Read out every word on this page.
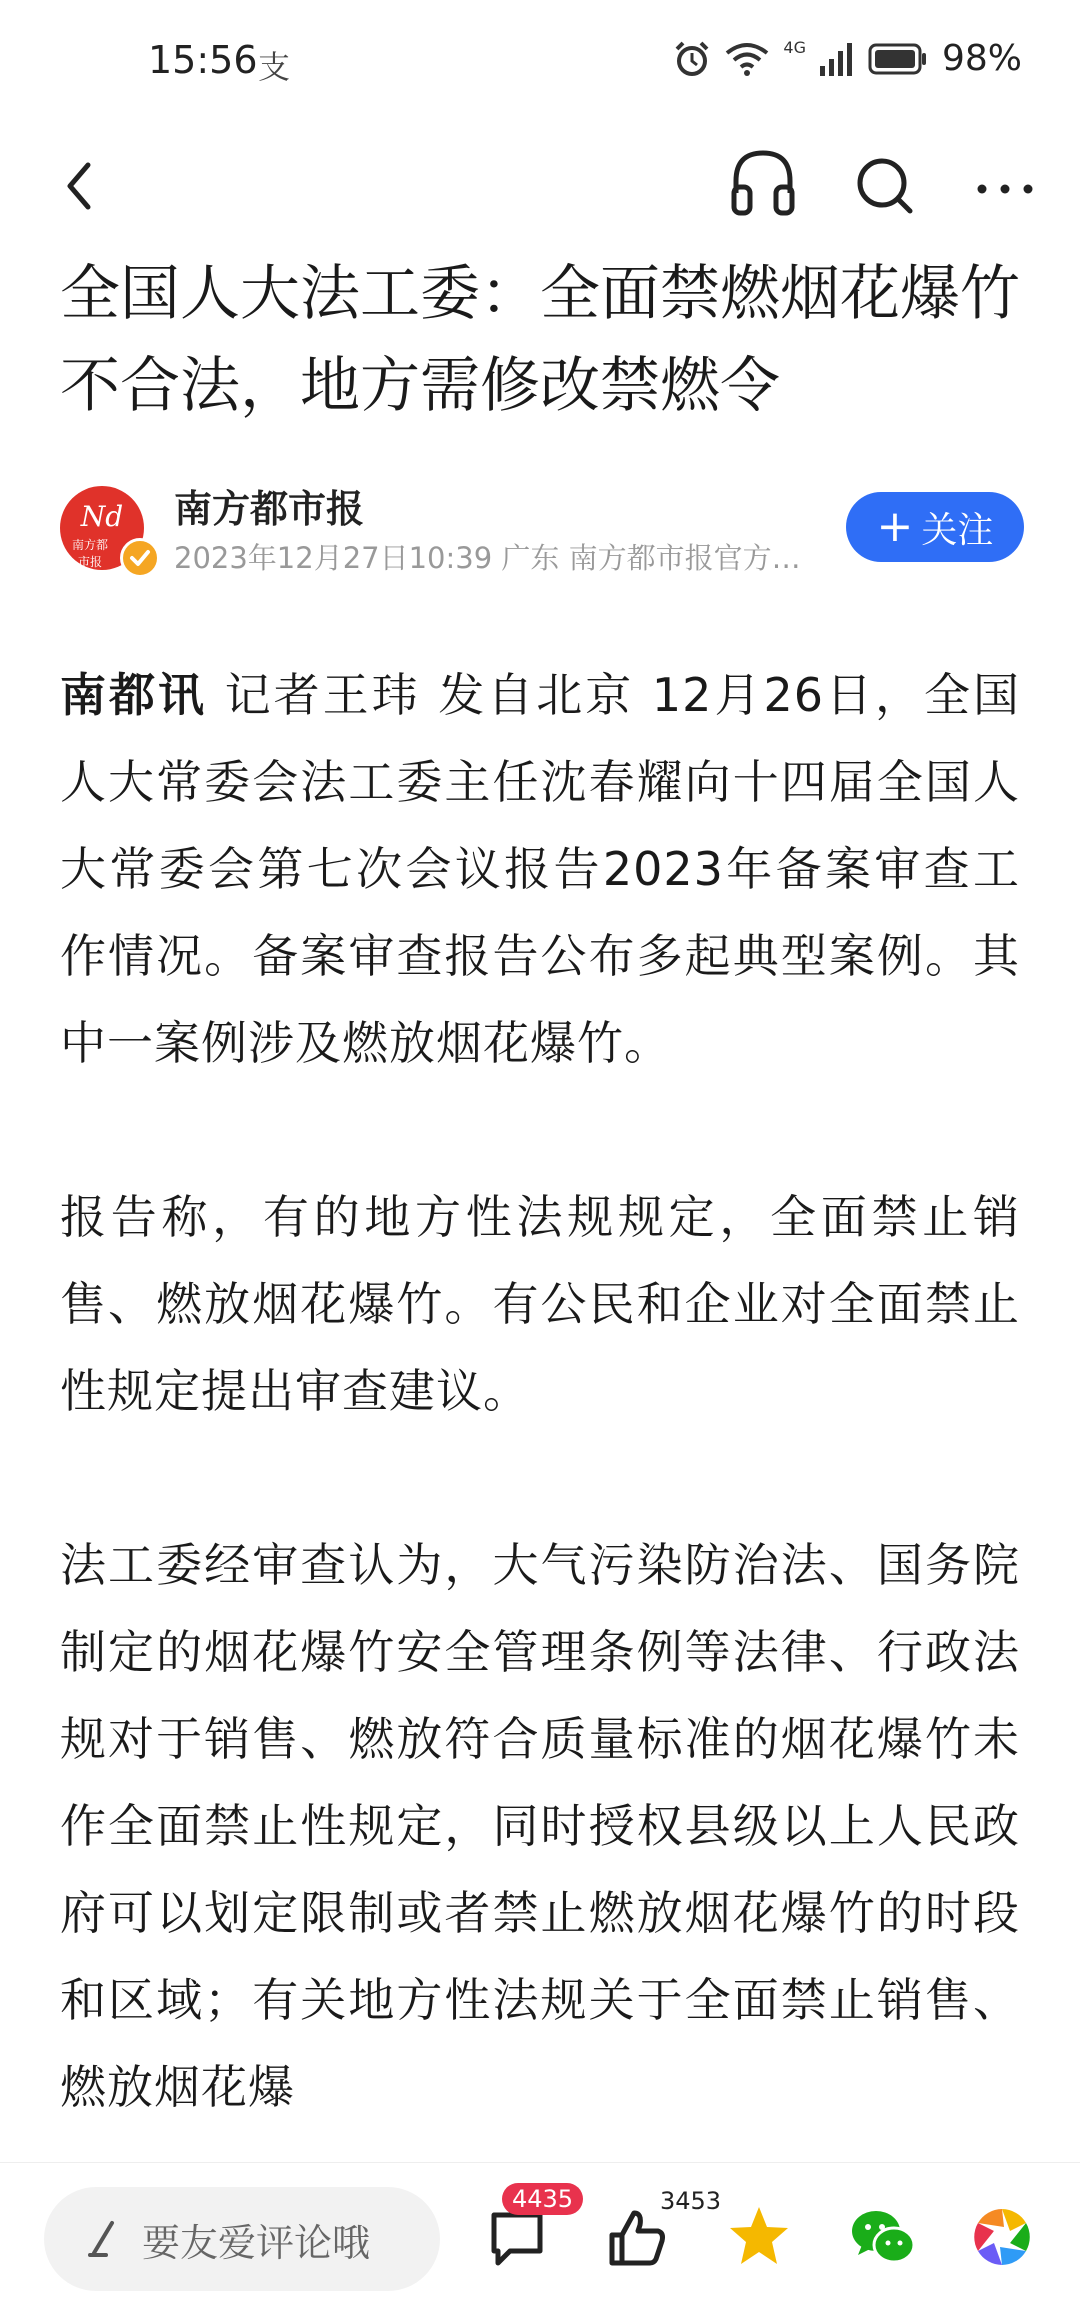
15:56 支
4G	98%
全国人大法工委：全面禁燃烟花爆竹不合法，地方需修改禁燃令
Nd
南方都市报
南方都市报
2023年12月27日10:39 广东 南方都市报官方…
+ 关注

南都讯 记者王玮 发自北京 12月26日，全国人大常委会法工委主任沈春耀向十四届全国人大常委会第七次会议报告2023年备案审查工作情况。备案审查报告公布多起典型案例。其中一案例涉及燃放烟花爆竹。

报告称，有的地方性法规规定，全面禁止销售、燃放烟花爆竹。有公民和企业对全面禁止性规定提出审查建议。

法工委经审查认为，大气污染防治法、国务院制定的烟花爆竹安全管理条例等法律、行政法规对于销售、燃放符合质量标准的烟花爆竹未作全面禁止性规定，同时授权县级以上人民政府可以划定限制或者禁止燃放烟花爆竹的时段和区域；有关地方性法规关于全面禁止销售、燃放烟花爆

要友爱评论哦
4435	3453
